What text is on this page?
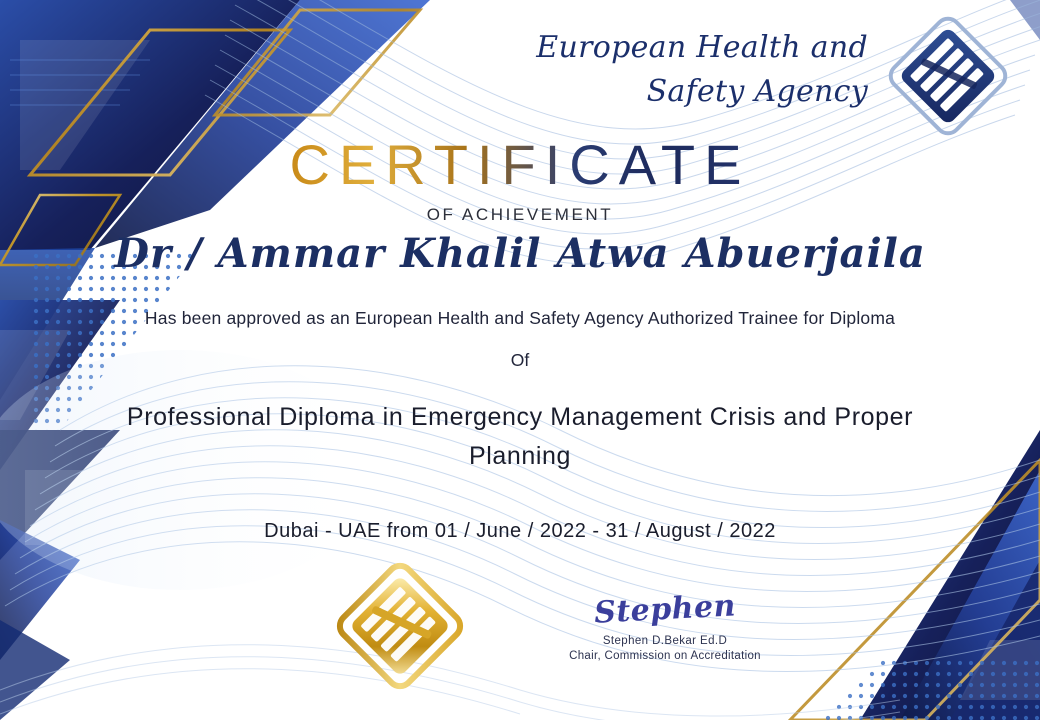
European Health and
Safety Agency
OF ACHIEVEMENT
Dr / Ammar Khalil Atwa Abuerjaila
Has been approved as an European Health and Safety Agency Authorized Trainee for Diploma
Of
Professional Diploma in Emergency Management Crisis and Proper Planning
Dubai - UAE from 01 / June / 2022 - 31 / August / 2022
Stephen
Stephen D.Bekar Ed.D
Chair, Commission on Accreditation
